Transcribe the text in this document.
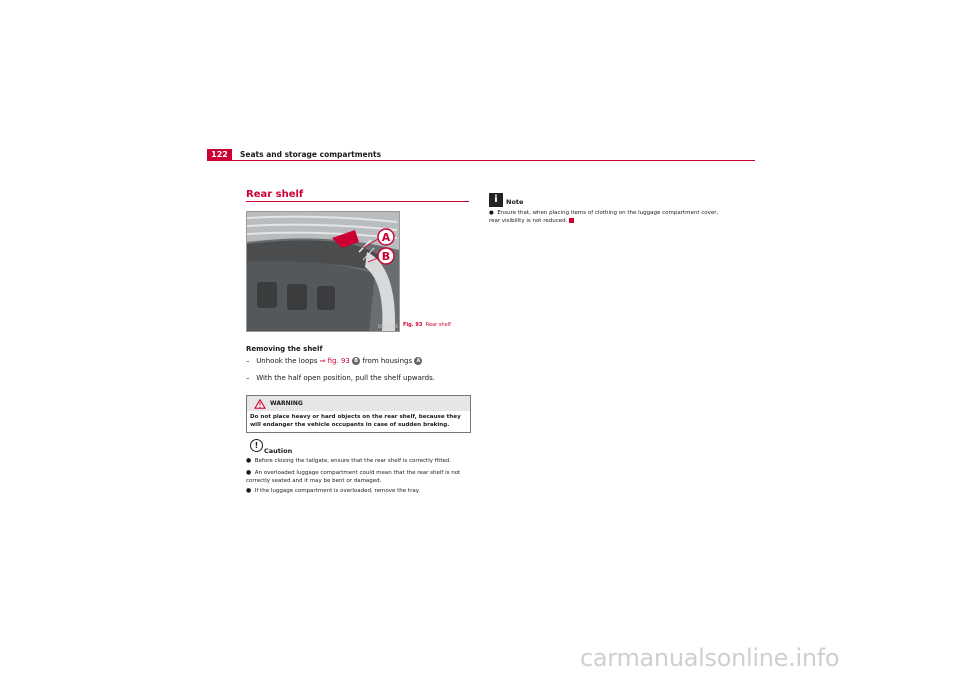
122	Seats and storage compartments
Rear shelf
A
B
B5H-0096 Fig. 93 Rear shelf
Removing the shelf
– Unhook the loops ⇒ fig. 93 B from housings A
– With the half open position, pull the shelf upwards.
WARNING
Do not place heavy or hard objects on the rear shelf, because they will endanger the vehicle occupants in case of sudden braking.
!
Caution
● Before closing the tailgate, ensure that the rear shelf is correctly fitted.
● An overloaded luggage compartment could mean that the rear shelf is not correctly seated and it may be bent or damaged.
● If the luggage compartment is overloaded, remove the tray.
i	Note
● Ensure that, when placing items of clothing on the luggage compartment cover, rear visibility is not reduced.
carmanualsonline.info
